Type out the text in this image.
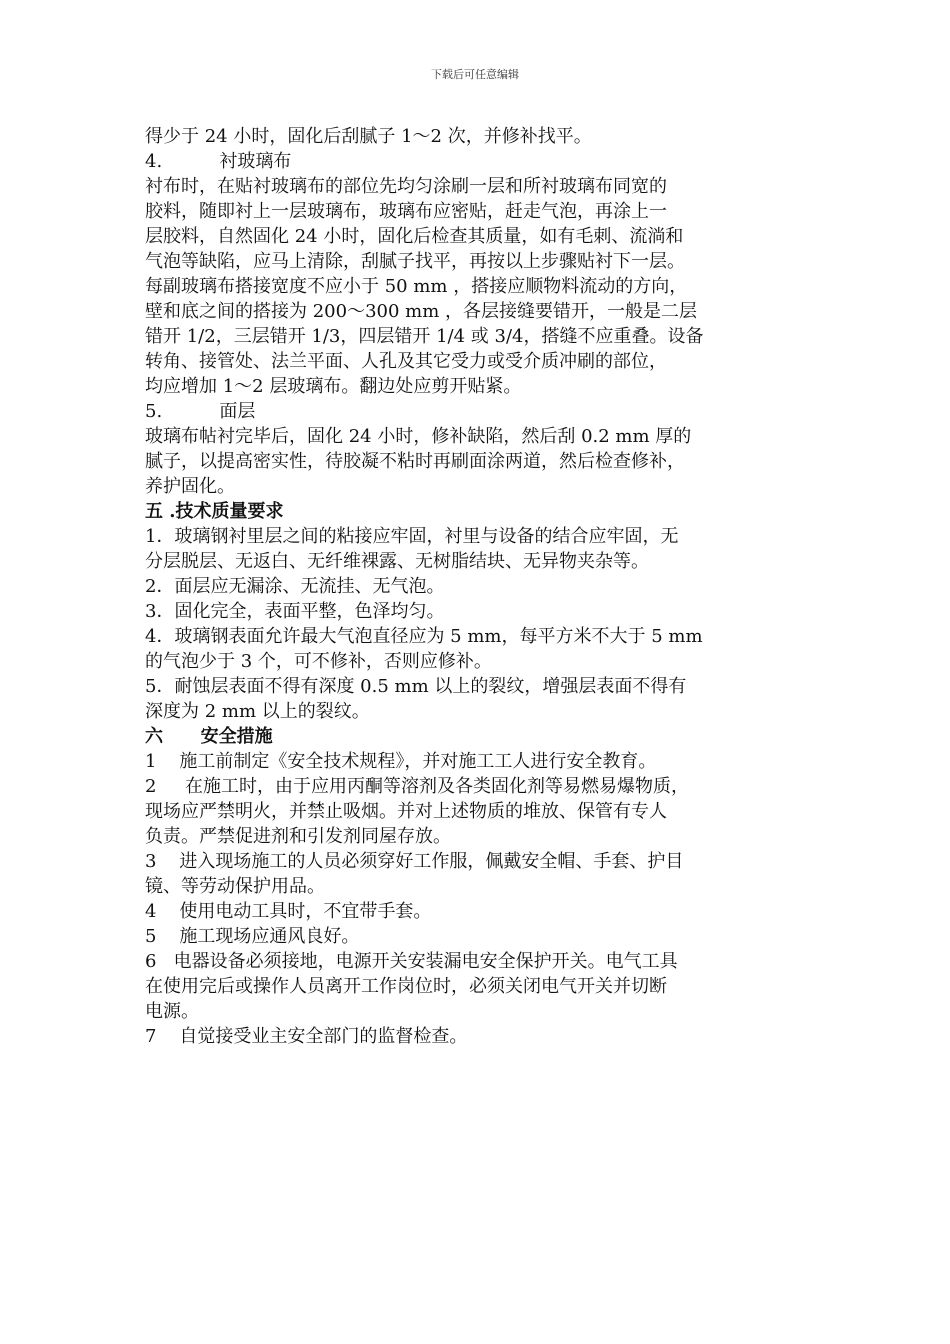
下载后可任意编辑
得少于 24 小时，固化后刮腻子 1～2 次，并修补找平。
4.          衬玻璃布
衬布时，在贴衬玻璃布的部位先均匀涂刷一层和所衬玻璃布同宽的
胶料，随即衬上一层玻璃布，玻璃布应密贴，赶走气泡，再涂上一
层胶料，自然固化 24 小时，固化后检查其质量，如有毛刺、流淌和
气泡等缺陷，应马上清除，刮腻子找平，再按以上步骤贴衬下一层。
每副玻璃布搭接宽度不应小于 50 mm ，搭接应顺物料流动的方向，
壁和底之间的搭接为 200～300 mm ，各层接缝要错开，一般是二层
错开 1/2，三层错开 1/3，四层错开 1/4 或 3/4，搭缝不应重叠。设备
转角、接管处、法兰平面、人孔及其它受力或受介质冲刷的部位，
均应增加 1～2 层玻璃布。翻边处应剪开贴紧。
5.          面层
玻璃布帖衬完毕后，固化 24 小时，修补缺陷，然后刮 0.2 mm 厚的
腻子，以提高密实性，待胶凝不粘时再刷面涂两道，然后检查修补，
养护固化。
五 .技术质量要求
1．玻璃钢衬里层之间的粘接应牢固，衬里与设备的结合应牢固，无
分层脱层、无返白、无纤维裸露、无树脂结块、无异物夹杂等。
2．面层应无漏涂、无流挂、无气泡。
3．固化完全，表面平整，色泽均匀。
4．玻璃钢表面允许最大气泡直径应为 5 mm，每平方米不大于 5 mm
的气泡少于 3 个，可不修补，否则应修补。
5．耐蚀层表面不得有深度 0.5 mm 以上的裂纹，增强层表面不得有
深度为 2 mm 以上的裂纹。
六      安全措施
1    施工前制定《安全技术规程》，并对施工工人进行安全教育。
2     在施工时，由于应用丙酮等溶剂及各类固化剂等易燃易爆物质，
现场应严禁明火，并禁止吸烟。并对上述物质的堆放、保管有专人
负责。严禁促进剂和引发剂同屋存放。
3    进入现场施工的人员必须穿好工作服，佩戴安全帽、手套、护目
镜、等劳动保护用品。
4    使用电动工具时，不宜带手套。
5    施工现场应通风良好。
6   电器设备必须接地，电源开关安装漏电安全保护开关。电气工具
在使用完后或操作人员离开工作岗位时，必须关闭电气开关并切断
电源。
7    自觉接受业主安全部门的监督检查。
